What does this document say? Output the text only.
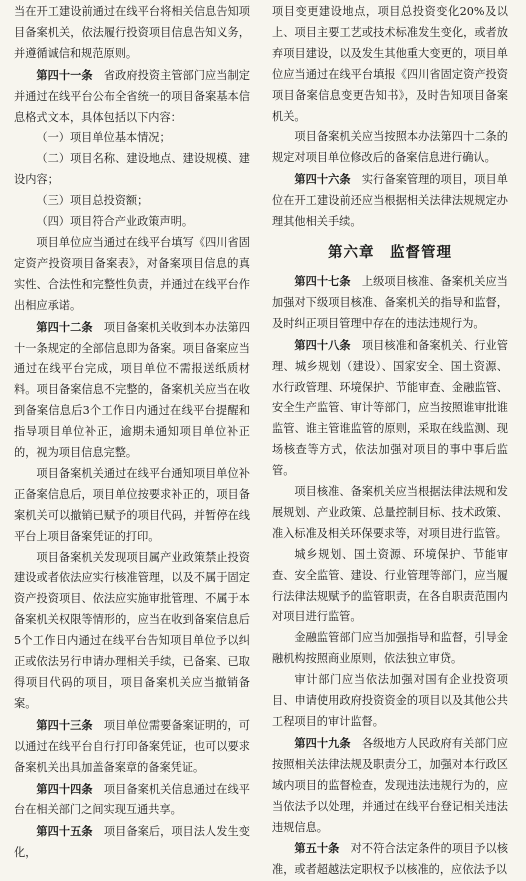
当在开工建设前通过在线平台将相关信息告知项目备案机关，依法履行投资项目信息告知义务，并遵循诚信和规范原则。

第四十一条　 省政府投资主管部门应当制定并通过在线平台公布全省统一的项目备案基本信息格式文本，具体包括以下内容：

（一）项目单位基本情况；

（二）项目名称、建设地点、建设规模、建设内容；

（三）项目总投资额；

（四）项目符合产业政策声明。

项目单位应当通过在线平台填写《四川省固定资产投资项目备案表》，对备案项目信息的真实性、合法性和完整性负责，并通过在线平台作出相应承诺。

第四十二条　 项目备案机关收到本办法第四十一条规定的全部信息即为备案。项目备案应当通过在线平台完成，项目单位不需报送纸质材料。项目备案信息不完整的，备案机关应当在收到备案信息后3个工作日内通过在线平台提醒和指导项目单位补正，逾期未通知项目单位补正的，视为项目信息完整。

项目备案机关通过在线平台通知项目单位补正备案信息后，项目单位按要求补正的，项目备案机关可以撤销已赋予的项目代码，并暂停在线平台上项目备案凭证的打印。

项目备案机关发现项目属产业政策禁止投资建设或者依法应实行核准管理，以及不属于固定资产投资项目、依法应实施审批管理、不属于本备案机关权限等情形的，应当在收到备案信息后5个工作日内通过在线平台告知项目单位予以纠正或依法另行申请办理相关手续，已备案、已取得项目代码的项目，项目备案机关应当撤销备案。

第四十三条　 项目单位需要备案证明的，可以通过在线平台自行打印备案凭证，也可以要求备案机关出具加盖备案章的备案凭证。

第四十四条　 项目备案机关信息通过在线平台在相关部门之间实现互通共享。

第四十五条　 项目备案后，项目法人发生变化，

项目变更建设地点，项目总投资变化20%及以上、项目主要工艺或技术标准发生变化，或者放弃项目建设，以及发生其他重大变更的，项目单位应当通过在线平台填报《四川省固定资产投资项目备案信息变更告知书》，及时告知项目备案机关。

项目备案机关应当按照本办法第四十二条的规定对项目单位修改后的备案信息进行确认。

第四十六条　 实行备案管理的项目，项目单位在开工建设前还应当根据相关法律法规规定办理其他相关手续。

第六章　监督管理

第四十七条　 上级项目核准、备案机关应当加强对下级项目核准、备案机关的指导和监督，及时纠正项目管理中存在的违法违规行为。

第四十八条　 项目核准和备案机关、行业管理、城乡规划（建设）、国家安全、国土资源、水行政管理、环境保护、节能审查、金融监管、安全生产监管、审计等部门，应当按照谁审批谁监管、谁主管谁监管的原则，采取在线监测、现场核查等方式，依法加强对项目的事中事后监管。

项目核准、备案机关应当根据法律法规和发展规划、产业政策、总量控制目标、技术政策、准入标准及相关环保要求等，对项目进行监管。

城乡规划、国土资源、环境保护、节能审查、安全监管、建设、行业管理等部门，应当履行法律法规赋予的监管职责，在各自职责范围内对项目进行监管。

金融监管部门应当加强指导和监督，引导金融机构按照商业原则，依法独立审贷。

审计部门应当依法加强对国有企业投资项目、申请使用政府投资资金的项目以及其他公共工程项目的审计监督。

第四十九条　 各级地方人民政府有关部门应按照相关法律法规及职责分工，加强对本行政区域内项目的监督检查，发现违法违规行为的，应当依法予以处理，并通过在线平台登记相关违法违规信息。

第五十条　 对不符合法定条件的项目予以核准，或者超越法定职权予以核准的，应依法予以
